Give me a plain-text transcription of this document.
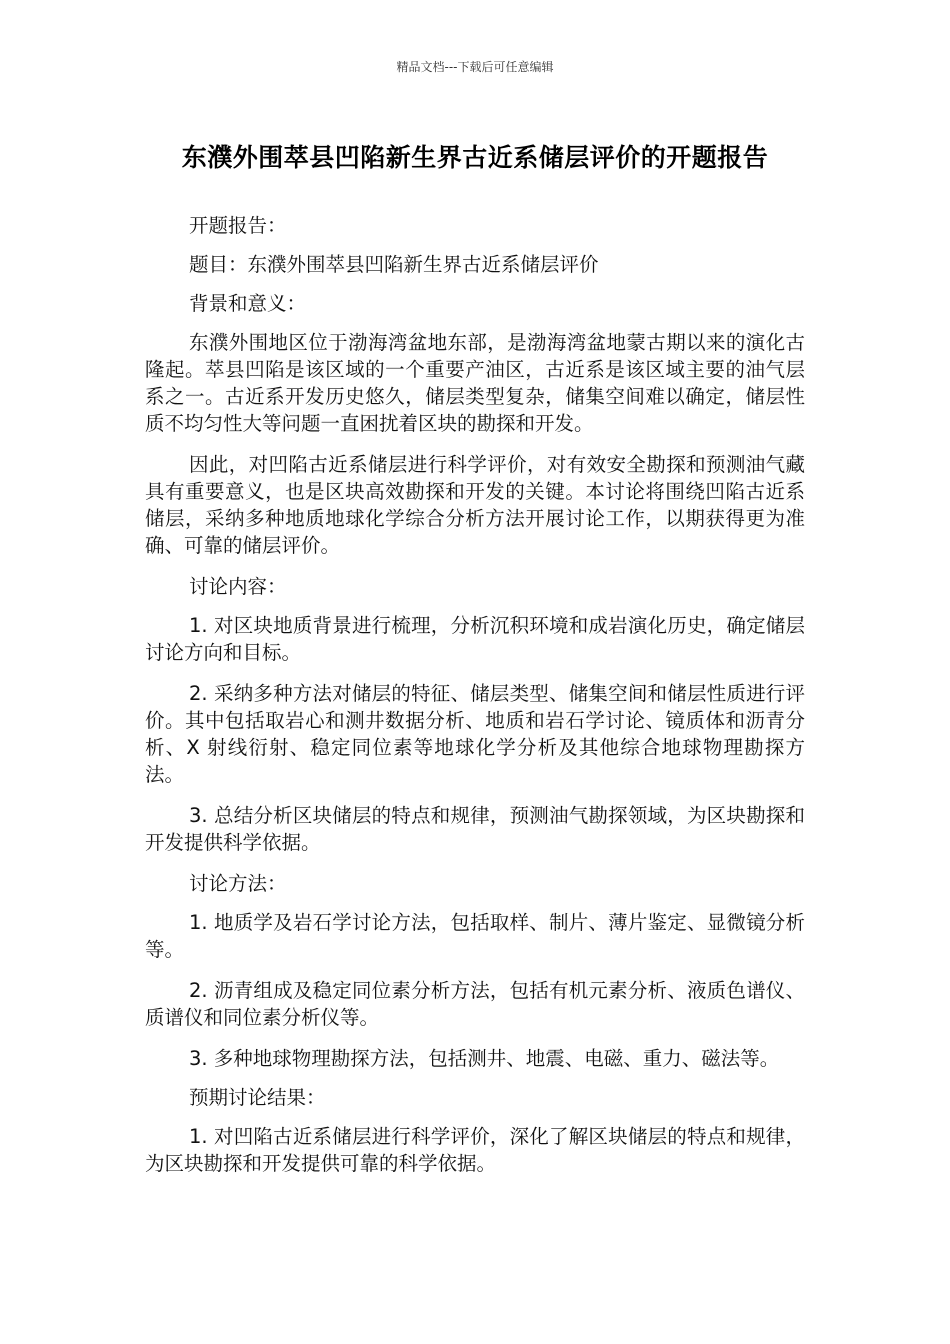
精品文档---下载后可任意编辑
东濮外围萃县凹陷新生界古近系储层评价的开题报告

开题报告：

题目：东濮外围萃县凹陷新生界古近系储层评价

背景和意义：

东濮外围地区位于渤海湾盆地东部，是渤海湾盆地蒙古期以来的演化古隆起。萃县凹陷是该区域的一个重要产油区，古近系是该区域主要的油气层系之一。古近系开发历史悠久，储层类型复杂，储集空间难以确定，储层性质不均匀性大等问题一直困扰着区块的勘探和开发。

因此，对凹陷古近系储层进行科学评价，对有效安全勘探和预测油气藏具有重要意义，也是区块高效勘探和开发的关键。本讨论将围绕凹陷古近系储层，采纳多种地质地球化学综合分析方法开展讨论工作，以期获得更为准确、可靠的储层评价。

讨论内容：

1. 对区块地质背景进行梳理，分析沉积环境和成岩演化历史，确定储层讨论方向和目标。

2. 采纳多种方法对储层的特征、储层类型、储集空间和储层性质进行评价。其中包括取岩心和测井数据分析、地质和岩石学讨论、镜质体和沥青分析、X 射线衍射、稳定同位素等地球化学分析及其他综合地球物理勘探方法。

3. 总结分析区块储层的特点和规律，预测油气勘探领域，为区块勘探和开发提供科学依据。

讨论方法：

1. 地质学及岩石学讨论方法，包括取样、制片、薄片鉴定、显微镜分析等。

2. 沥青组成及稳定同位素分析方法，包括有机元素分析、液质色谱仪、质谱仪和同位素分析仪等。

3. 多种地球物理勘探方法，包括测井、地震、电磁、重力、磁法等。

预期讨论结果：

1. 对凹陷古近系储层进行科学评价，深化了解区块储层的特点和规律，为区块勘探和开发提供可靠的科学依据。
